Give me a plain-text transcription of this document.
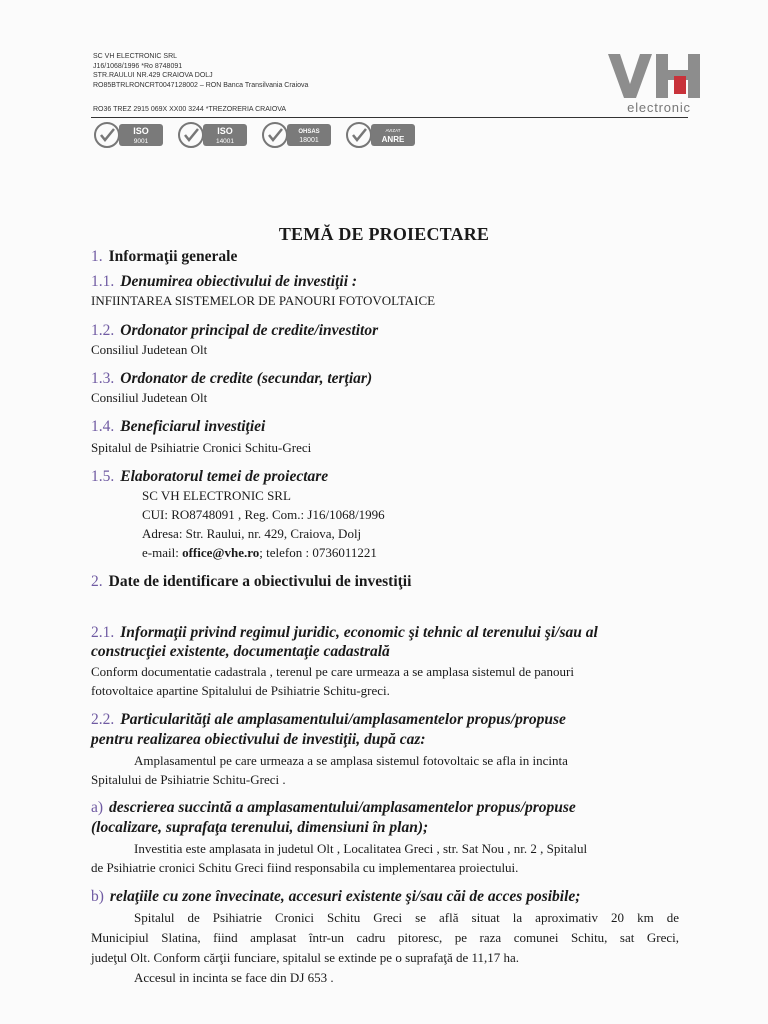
SC VH ELECTRONIC SRL
J16/1068/1996 *Ro 8748091
STR.RAULUI NR.429 CRAIOVA DOLJ
RO85BTRLRONCRT0047128002 – RON Banca Transilvania Craiova
RO36 TREZ 2915 069X XX00 3244 *TREZORERIA CRAIOVA	electronic
ISO
9001
ISO
14001
OHSAS
18001
AVIZAT
ANRE
TEMĂ DE PROIECTARE
1. Informaţii generale
1.1. Denumirea obiectivului de investiţii :
INFIINTAREA SISTEMELOR DE PANOURI FOTOVOLTAICE
1.2. Ordonator principal de credite/investitor
Consiliul Judetean Olt
1.3. Ordonator de credite (secundar, terţiar)
Consiliul Judetean Olt
1.4. Beneficiarul investiţiei
Spitalul de Psihiatrie Cronici Schitu-Greci
1.5. Elaboratorul temei de proiectare
SC VH ELECTRONIC SRL
CUI: RO8748091 , Reg. Com.: J16/1068/1996
Adresa: Str. Raului, nr. 429, Craiova, Dolj
e-mail: office@vhe.ro; telefon : 0736011221
2. Date de identificare a obiectivului de investiţii
2.1. Informaţii privind regimul juridic, economic şi tehnic al terenului şi/sau al
construcţiei existente, documentaţie cadastrală
Conform documentatie cadastrala , terenul pe care urmeaza a se amplasa sistemul de panouri
fotovoltaice apartine Spitalului de Psihiatrie Schitu-greci.
2.2. Particularităţi ale amplasamentului/amplasamentelor propus/propuse
pentru realizarea obiectivului de investiţii, după caz:
Amplasamentul pe care urmeaza a se amplasa sistemul fotovoltaic se afla in incinta
Spitalului de Psihiatrie Schitu-Greci .
a) descrierea succintă a amplasamentului/amplasamentelor propus/propuse
(localizare, suprafaţa terenului, dimensiuni în plan);
Investitia este amplasata in judetul Olt , Localitatea Greci , str. Sat Nou , nr. 2 , Spitalul
de Psihiatrie cronici Schitu Greci fiind responsabila cu implementarea proiectului.
b) relaţiile cu zone învecinate, accesuri existente şi/sau căi de acces posibile;
Spitalul de Psihiatrie Cronici Schitu Greci se află situat la aproximativ 20 km de
Municipiul Slatina, fiind amplasat într-un cadru pitoresc, pe raza comunei Schitu, sat Greci,
judeţul Olt. Conform cărţii funciare, spitalul se extinde pe o suprafaţă de 11,17 ha.
Accesul in incinta se face din DJ 653 .
